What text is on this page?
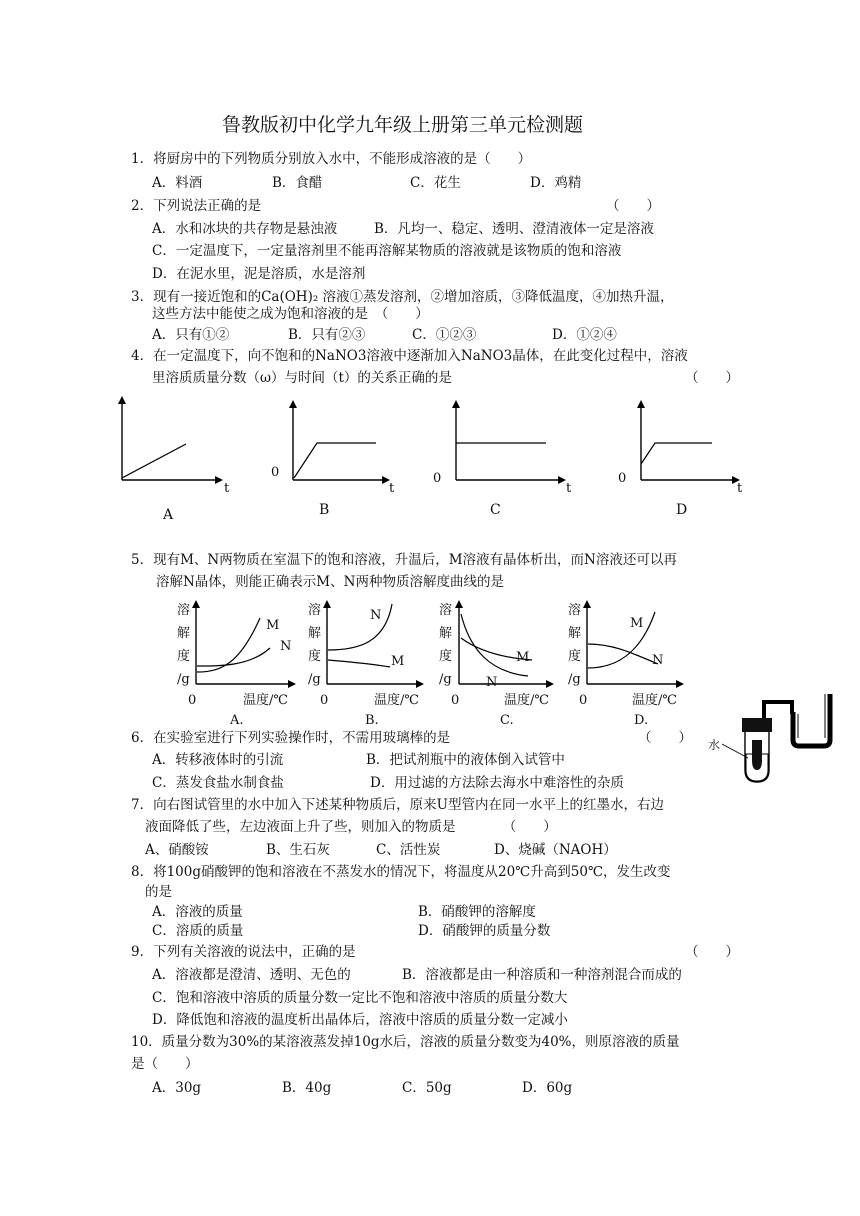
鲁教版初中化学九年级上册第三单元检测题
1．将厨房中的下列物质分别放入水中，不能形成溶液的是（　　）
A．料酒	B．食醋	C．花生	D．鸡精
2．下列说法正确的是	（　　）
A．水和冰块的共存物是悬浊液	B．凡均一、稳定、透明、澄清液体一定是溶液
C．一定温度下，一定量溶剂里不能再溶解某物质的溶液就是该物质的饱和溶液
D．在泥水里，泥是溶质，水是溶剂
3．现有一接近饱和的Ca(OH)₂ 溶液①蒸发溶剂，②增加溶质，③降低温度，④加热升温，
这些方法中能使之成为饱和溶液的是　（　　）
A．只有①②	B．只有②③	C．①②③	D．①②④
4．在一定温度下，向不饱和的NaNO3溶液中逐渐加入NaNO3晶体，在此变化过程中，溶液
里溶质质量分数（ω）与时间（t）的关系正确的是	（　　）
t
A
0
t
B
0
t
C
0
t
D
5．现有M、N两物质在室温下的饱和溶液，升温后，M溶液有晶体析出，而N溶液还可以再
溶解N晶体，则能正确表示M、N两种物质溶解度曲线的是
溶
解
度
/g
0	温度/℃
A.
M
N
溶
解
度
/g
0	温度/℃
B.
N
M
溶
解
度
/g
0	温度/℃
C.
M
N
溶
解
度
/g
0	温度/℃
D.
M
N
水
6．在实验室进行下列实验操作时，不需用玻璃棒的是	（　　）
A．转移液体时的引流	B．把试剂瓶中的液体倒入试管中
C．蒸发食盐水制食盐	D．用过滤的方法除去海水中难溶性的杂质
7．向右图试管里的水中加入下述某种物质后，原来U型管内在同一水平上的红墨水，右边
液面降低了些，左边液面上升了些，则加入的物质是　　　　（　　）
A、硝酸铵	B、生石灰	C、活性炭	D、烧碱（NAOH）
8．将100g硝酸钾的饱和溶液在不蒸发水的情况下，将温度从20℃升高到50℃，发生改变
的是
A．溶液的质量	B．硝酸钾的溶解度
C．溶质的质量	D．硝酸钾的质量分数
9．下列有关溶液的说法中，正确的是	（　　）
A．溶液都是澄清、透明、无色的	B．溶液都是由一种溶质和一种溶剂混合而成的
C．饱和溶液中溶质的质量分数一定比不饱和溶液中溶质的质量分数大
D．降低饱和溶液的温度析出晶体后，溶液中溶质的质量分数一定减小
10．质量分数为30%的某溶液蒸发掉10g水后，溶液的质量分数变为40%，则原溶液的质量
是（　　）
A．30g	B．40g	C．50g	D．60g
